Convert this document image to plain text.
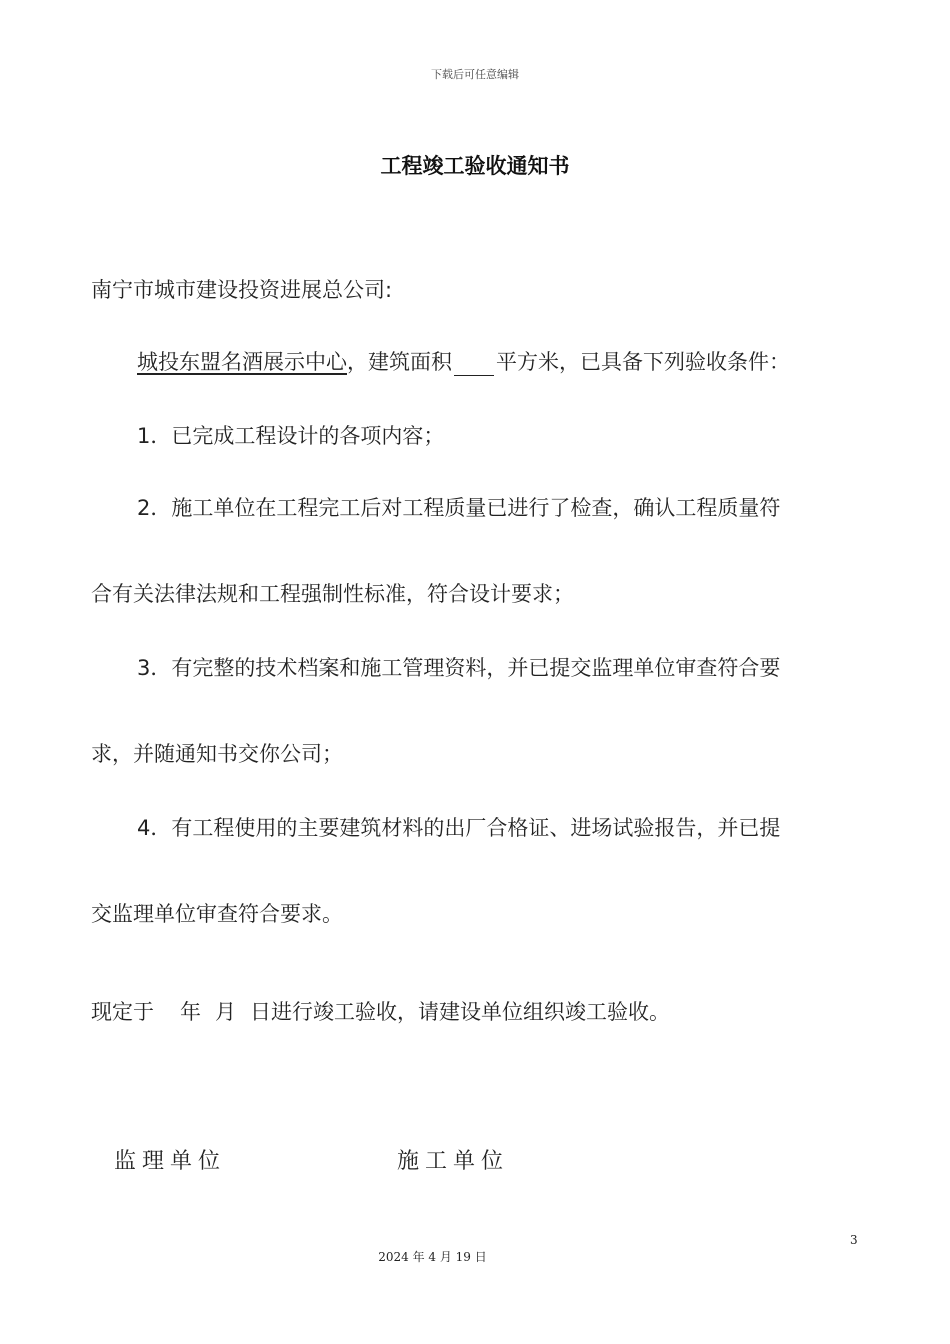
下载后可任意编辑
工程竣工验收通知书
南宁市城市建设投资进展总公司:
城投东盟名酒展示中心，建筑面积 平方米，已具备下列验收条件：
1．已完成工程设计的各项内容；
2．施工单位在工程完工后对工程质量已进行了检查，确认工程质量符
合有关法律法规和工程强制性标准，符合设计要求；
3．有完整的技术档案和施工管理资料，并已提交监理单位审查符合要
求，并随通知书交你公司；
4．有工程使用的主要建筑材料的出厂合格证、进场试验报告，并已提
交监理单位审查符合要求。
现定于 年 月 日进行竣工验收，请建设单位组织竣工验收。
监理单位	施工单位
3
2024 年 4 月 19 日
